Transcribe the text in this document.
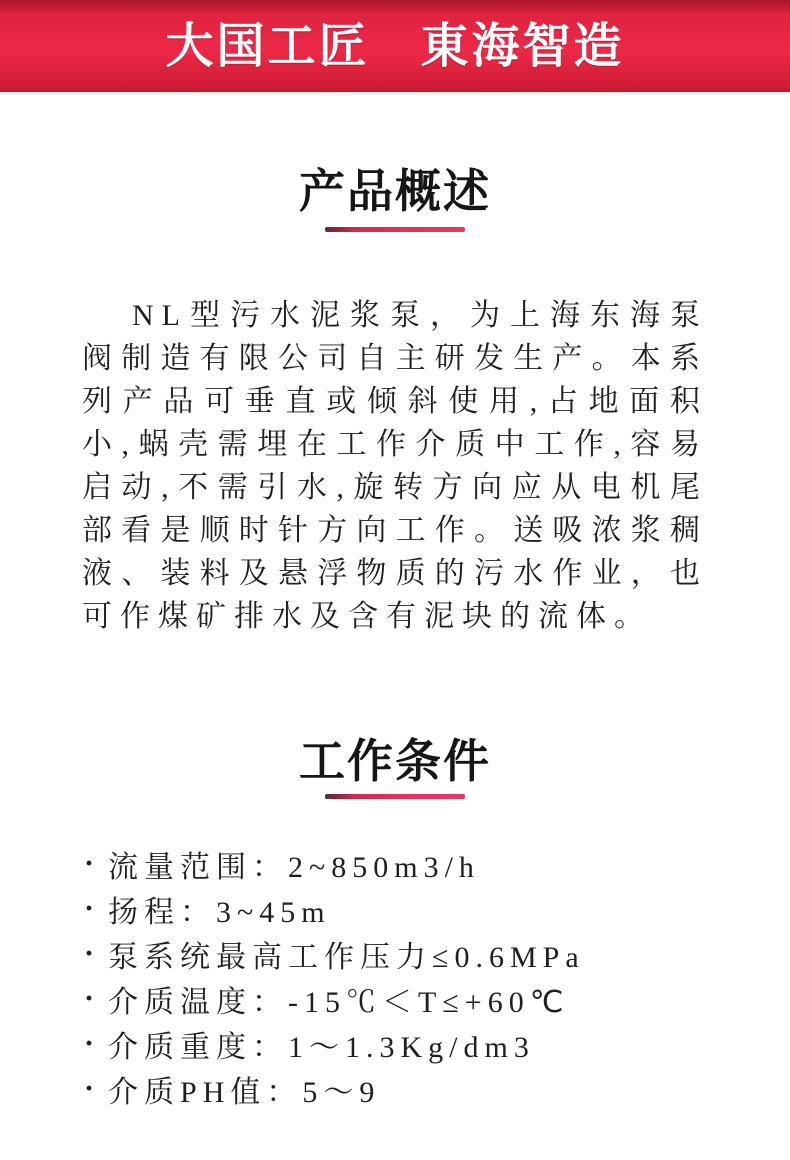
大国工匠　東海智造
产品概述

NL型污水泥浆泵，为上海东海泵阀制造有限公司自主研发生产。本系列产品可垂直或倾斜使用,占地面积小,蜗壳需埋在工作介质中工作,容易启动,不需引水,旋转方向应从电机尾部看是顺时针方向工作。送吸浓浆稠液、装料及悬浮物质的污水作业，也可作煤矿排水及含有泥块的流体。

工作条件
· 流量范围：2~850m3/h
· 扬程：3~45m
· 泵系统最高工作压力≤0.6MPa
· 介质温度：-15℃＜T≤+60℃
· 介质重度：1～1.3Kg/dm3
· 介质PH值：5～9
